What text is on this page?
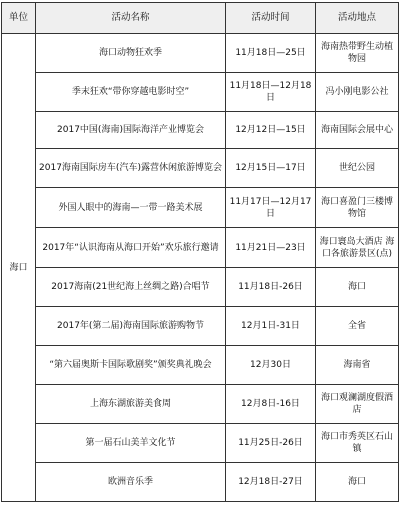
单位	活动名称	活动时间	活动地点
海口	海口动物狂欢季	11月18日—25日	海南热带野生动植物园
	季末狂欢“带你穿越电影时空”	11月18日—12月18日	冯小刚电影公社
	2017中国(海南)国际海洋产业博览会	12月12日—15日	海南国际会展中心
	2017海南国际房车(汽车)露营休闲旅游博览会	12月15日—17日	世纪公园
	外国人眼中的海南—一带一路美术展	11月17日—12月17日	海口喜盈门三楼博物馆
	2017年“认识海南从海口开始”欢乐旅行邀请	11月21日—23日	海口寰岛大酒店 海口各旅游景区(点)
	2017海南(21世纪海上丝绸之路)合唱节	11月18日-26日	海口
	2017年(第二届)海南国际旅游购物节	12月1日-31日	全省
	“第六届奥斯卡国际歌剧奖”颁奖典礼晚会	12月30日	海南省
	上海东湖旅游美食周	12月8日-16日	海口观澜湖度假酒店
	第一届石山美羊文化节	11月25日-26日	海口市秀英区石山镇
	欧洲音乐季	12月18日-27日	海口
